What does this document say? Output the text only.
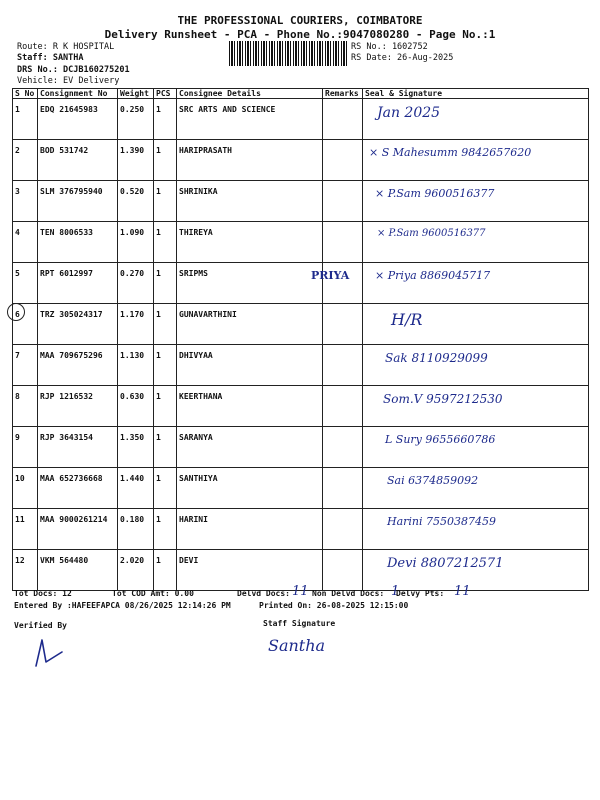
THE PROFESSIONAL COURIERS, COIMBATORE
Delivery Runsheet - PCA - Phone No.:9047080280 - Page No.:1
Route: R K HOSPITAL
Staff: SANTHA
DRS No.: DCJB160275201
Vehicle: EV Delivery
RS No.: 1602752
RS Date: 26-Aug-2025
S No	Consignment No	Weight	PCS	Consignee Details	Remarks	Seal & Signature
1	EDQ 21645983	0.250	1	SRC ARTS AND SCIENCE		Jan 2025
2	BOD 531742	1.390	1	HARIPRASATH		× S Mahesumm 9842657620
3	SLM 376795940	0.520	1	SHRINIKA		× P.Sam 9600516377
4	TEN 8006533	1.090	1	THIREYA		× P.Sam 9600516377
5	RPT 6012997	0.270	1	SRIPMS	PRIYA	× Priya 8869045717
6	TRZ 305024317	1.170	1	GUNAVARTHINI		H/R
7	MAA 709675296	1.130	1	DHIVYAA		Sak 8110929099
8	RJP 1216532	0.630	1	KEERTHANA		Som.V 9597212530
9	RJP 3643154	1.350	1	SARANYA		L Sury 9655660786
10	MAA 652736668	1.440	1	SANTHIYA		Sai 6374859092
11	MAA 9000261214	0.180	1	HARINI		Harini 7550387459
12	VKM 564480	2.020	1	DEVI		Devi 8807212571
Tot Docs: 12	Tot COD Amt: 0.00	Delvd Docs: 11 Non Delvd Docs: 1
Delvy Pts: 11
Entered By :HAFEEFAPCA 08/26/2025 12:14:26 PM	Printed On: 26-08-2025 12:15:00
Verified By	Staff Signature
Santha
